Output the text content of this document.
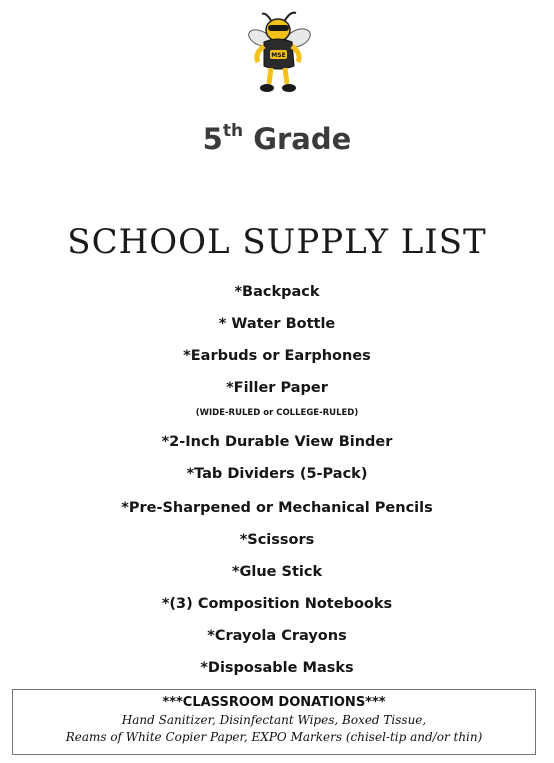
MSE
5th Grade
SCHOOL SUPPLY LIST
*Backpack
* Water Bottle
*Earbuds or Earphones
*Filler Paper
(WIDE-RULED or COLLEGE-RULED)
*2-Inch Durable View Binder
*Tab Dividers (5-Pack)
*Pre-Sharpened or Mechanical Pencils
*Scissors
*Glue Stick
*(3) Composition Notebooks
*Crayola Crayons
*Disposable Masks
***CLASSROOM DONATIONS***
Hand Sanitizer, Disinfectant Wipes, Boxed Tissue,
Reams of White Copier Paper, EXPO Markers (chisel-tip and/or thin)
